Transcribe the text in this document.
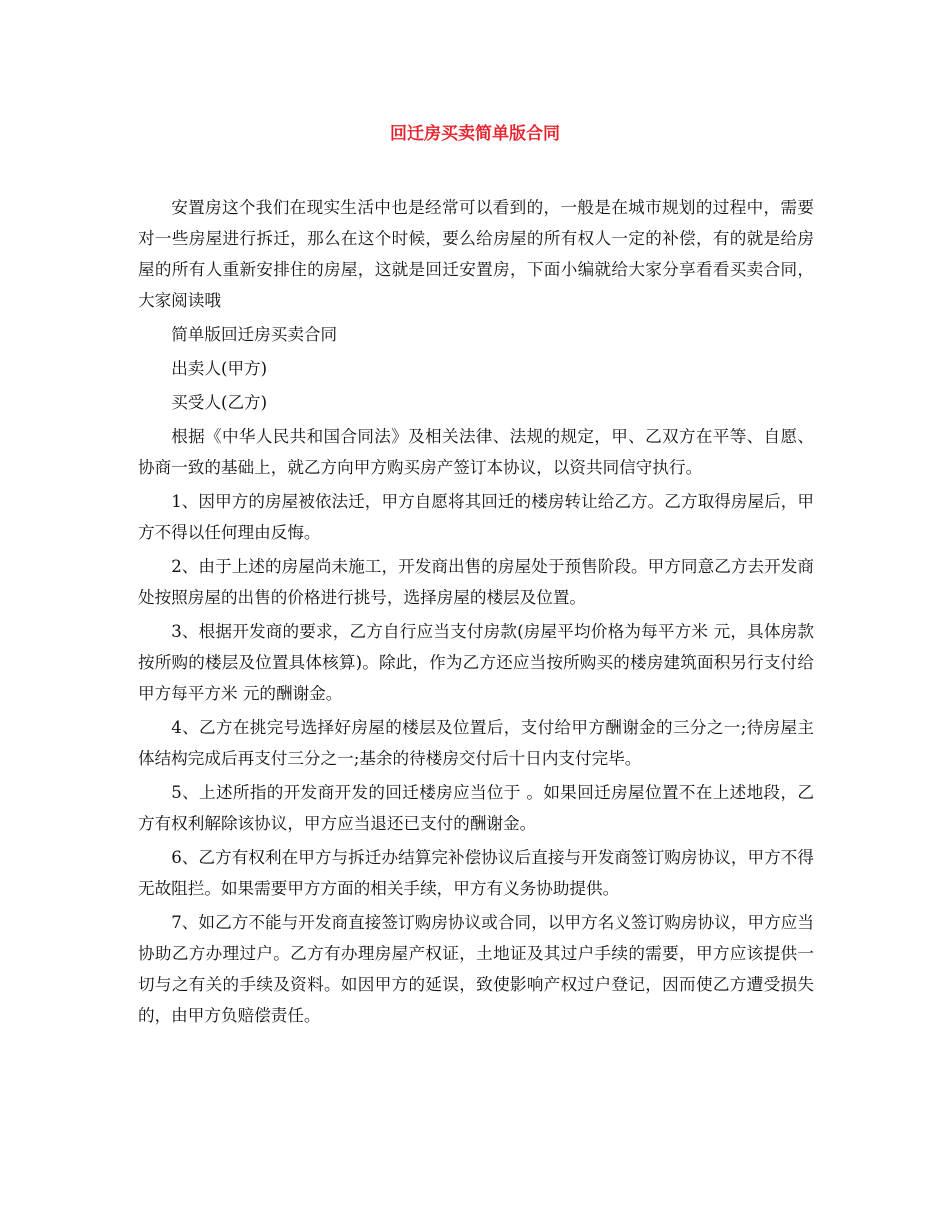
回迁房买卖简单版合同

安置房这个我们在现实生活中也是经常可以看到的，一般是在城市规划的过程中，需要对一些房屋进行拆迁，那么在这个时候，要么给房屋的所有权人一定的补偿，有的就是给房屋的所有人重新安排住的房屋，这就是回迁安置房，下面小编就给大家分享看看买卖合同，大家阅读哦

简单版回迁房买卖合同

出卖人(甲方)

买受人(乙方)

根据《中华人民共和国合同法》及相关法律、法规的规定，甲、乙双方在平等、自愿、协商一致的基础上，就乙方向甲方购买房产签订本协议，以资共同信守执行。

1、因甲方的房屋被依法迁，甲方自愿将其回迁的楼房转让给乙方。乙方取得房屋后，甲方不得以任何理由反悔。

2、由于上述的房屋尚未施工，开发商出售的房屋处于预售阶段。甲方同意乙方去开发商处按照房屋的出售的价格进行挑号，选择房屋的楼层及位置。

3、根据开发商的要求，乙方自行应当支付房款(房屋平均价格为每平方米 元，具体房款按所购的楼层及位置具体核算)。除此，作为乙方还应当按所购买的楼房建筑面积另行支付给甲方每平方米 元的酬谢金。

4、乙方在挑完号选择好房屋的楼层及位置后，支付给甲方酬谢金的三分之一;待房屋主体结构完成后再支付三分之一;基余的待楼房交付后十日内支付完毕。

5、上述所指的开发商开发的回迁楼房应当位于 。如果回迁房屋位置不在上述地段，乙方有权利解除该协议，甲方应当退还已支付的酬谢金。

6、乙方有权利在甲方与拆迁办结算完补偿协议后直接与开发商签订购房协议，甲方不得无故阻拦。如果需要甲方方面的相关手续，甲方有义务协助提供。

7、如乙方不能与开发商直接签订购房协议或合同，以甲方名义签订购房协议，甲方应当协助乙方办理过户。乙方有办理房屋产权证，土地证及其过户手续的需要，甲方应该提供一切与之有关的手续及资料。如因甲方的延误，致使影响产权过户登记，因而使乙方遭受损失的，由甲方负赔偿责任。
